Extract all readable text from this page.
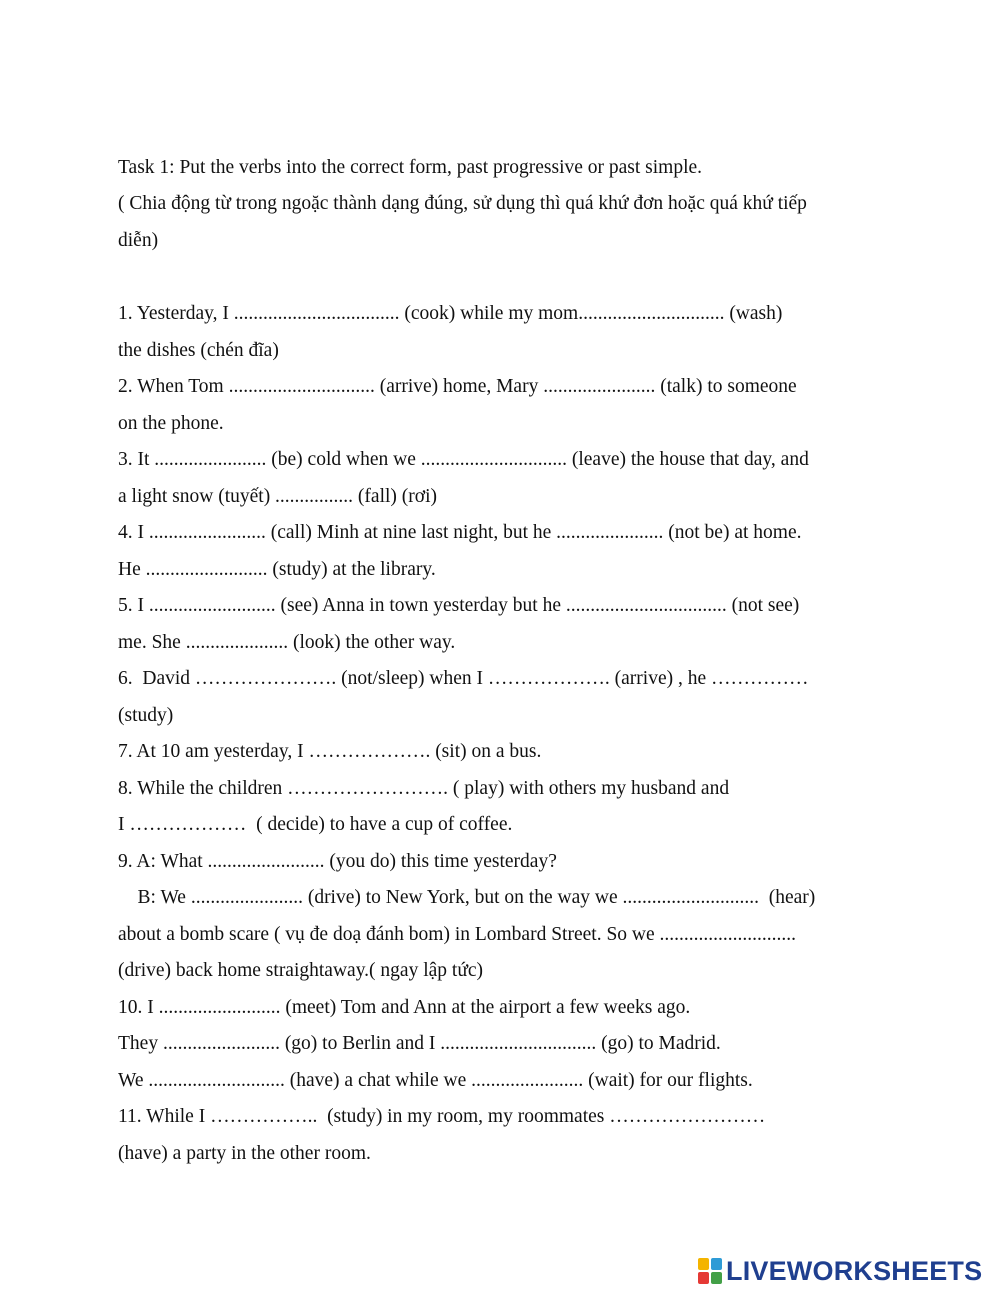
Task 1: Put the verbs into the correct form, past progressive or past simple.
( Chia động từ trong ngoặc thành dạng đúng, sử dụng thì quá khứ đơn hoặc quá khứ tiếp
diễn)
1. Yesterday, I .................................. (cook) while my mom.............................. (wash)
the dishes (chén đĩa)
2. When Tom .............................. (arrive) home, Mary ....................... (talk) to someone
on the phone.
3. It ....................... (be) cold when we .............................. (leave) the house that day, and
a light snow (tuyết) ................ (fall) (rơi)
4. I ........................ (call) Minh at nine last night, but he ...................... (not be) at home.
He ......................... (study) at the library.
5. I .......................... (see) Anna in town yesterday but he ................................. (not see)
me. She ..................... (look) the other way.
6.  David …………………. (not/sleep) when I ………………. (arrive) , he ……………
(study)
7. At 10 am yesterday, I ………………. (sit) on a bus.
8. While the children ……………………. ( play) with others my husband and
I ………………  ( decide) to have a cup of coffee.
9. A: What ........................ (you do) this time yesterday?
B: We ....................... (drive) to New York, but on the way we ............................  (hear)
about a bomb scare ( vụ đe doạ đánh bom) in Lombard Street. So we ............................
(drive) back home straightaway.( ngay lập tức)
10. I ......................... (meet) Tom and Ann at the airport a few weeks ago.
They ........................ (go) to Berlin and I ................................ (go) to Madrid.
We ............................ (have) a chat while we ....................... (wait) for our flights.
11. While I ……………..  (study) in my room, my roommates ……………………
(have) a party in the other room.
LIVEWORKSHEETS
